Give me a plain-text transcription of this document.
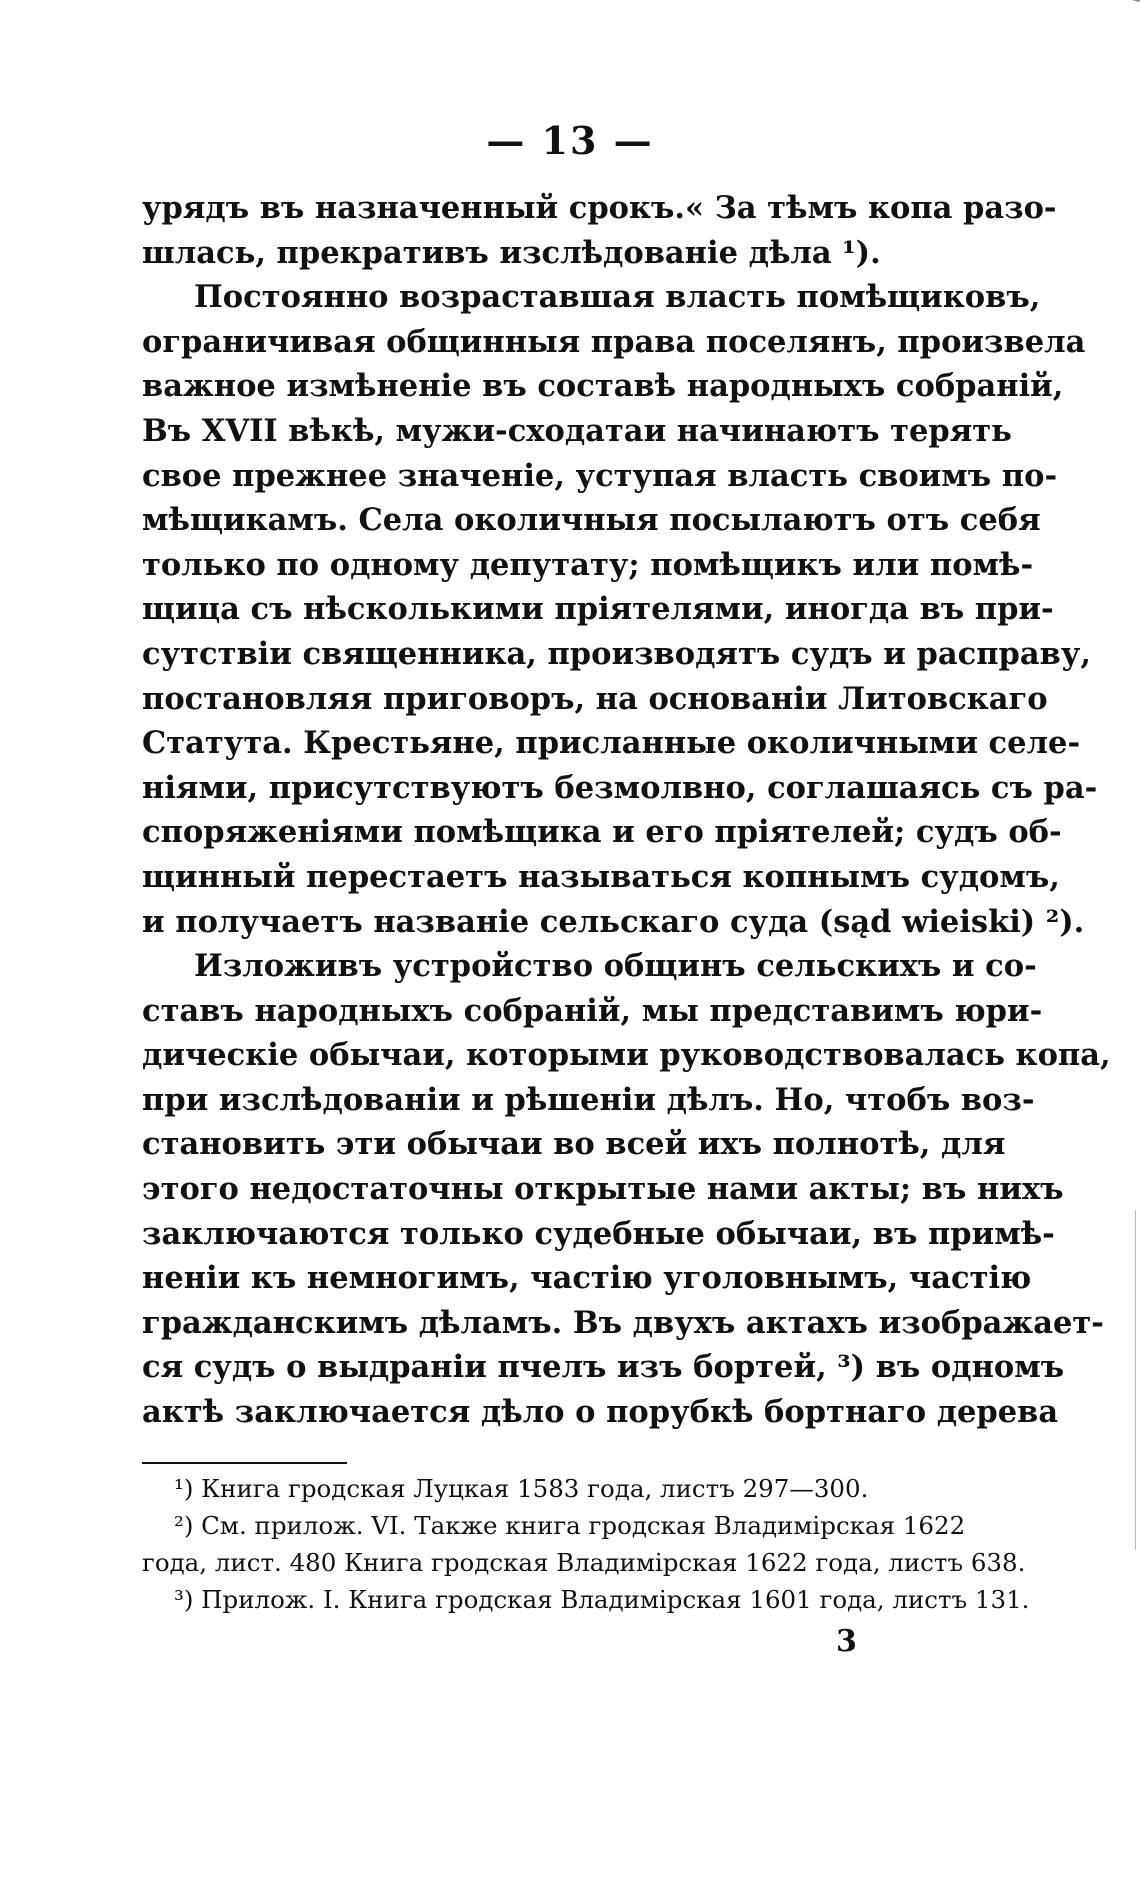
— 13 —
урядъ въ назначенный срокъ.« За тѣмъ копа разо-
шлась, прекративъ изслѣдованіе дѣла ¹).
Постоянно возраставшая власть помѣщиковъ,
ограничивая общинныя права поселянъ, произвела
важное измѣненіе въ составѣ народныхъ собраній,
Въ XVII вѣкѣ, мужи-сходатаи начинаютъ терять
свое прежнее значеніе, уступая власть своимъ по-
мѣщикамъ. Села околичныя посылаютъ отъ себя
только по одному депутату; помѣщикъ или помѣ-
щица съ нѣсколькими пріятелями, иногда въ при-
сутствіи священника, производятъ судъ и расправу,
постановляя приговоръ, на основаніи Литовскаго
Статута. Крестьяне, присланные околичными селе-
ніями, присутствуютъ безмолвно, соглашаясь съ ра-
споряженіями помѣщика и его пріятелей; судъ об-
щинный перестаетъ называться копнымъ судомъ,
и получаетъ названіе сельскаго суда (sąd wieiski) ²).
Изложивъ устройство общинъ сельскихъ и со-
ставъ народныхъ собраній, мы представимъ юри-
дическіе обычаи, которыми руководствовалась копа,
при изслѣдованіи и рѣшеніи дѣлъ. Но, чтобъ воз-
становить эти обычаи во всей ихъ полнотѣ, для
этого недостаточны открытые нами акты; въ нихъ
заключаются только судебные обычаи, въ примѣ-
неніи къ немногимъ, частію уголовнымъ, частію
гражданскимъ дѣламъ. Въ двухъ актахъ изображает-
ся судъ о выдраніи пчелъ изъ бортей, ³) въ одномъ
актѣ заключается дѣло о порубкѣ бортнаго дерева
¹) Книга гродская Луцкая 1583 года, листъ 297—300.
²) См. прилож. VI. Также книга гродская Владимірская 1622
года, лист. 480 Книга гродская Владимірская 1622 года, листъ 638.
³) Прилож. I. Книга гродская Владимірская 1601 года, листъ 131.
3
